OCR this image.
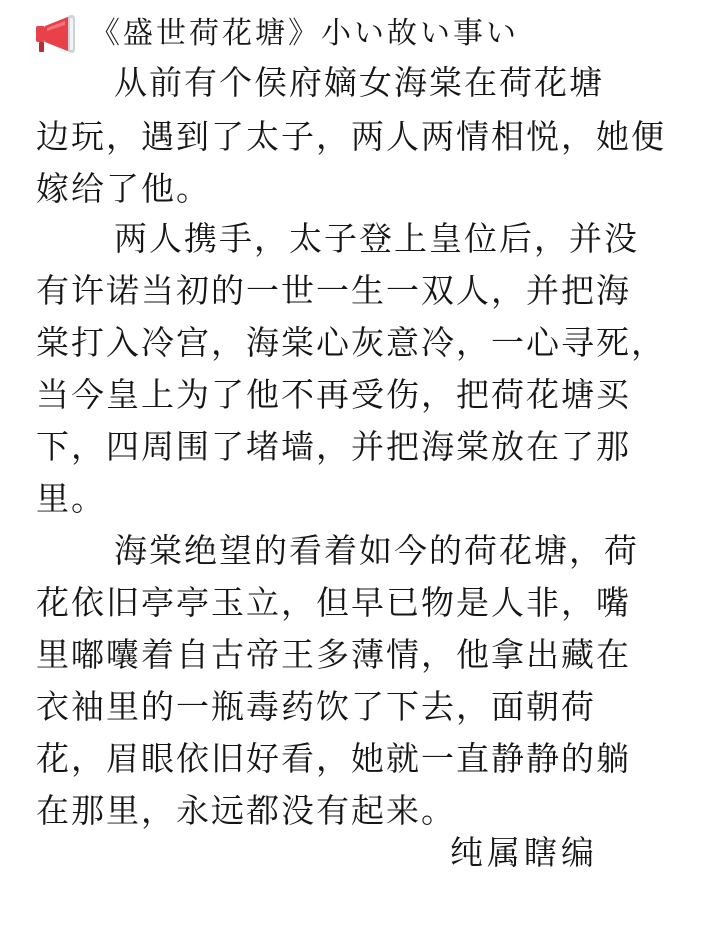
《盛世荷花塘》小い故い事い
从前有个侯府嫡女海棠在荷花塘
边玩，遇到了太子，两人两情相悦，她便
嫁给了他。
两人携手，太子登上皇位后，并没
有许诺当初的一世一生一双人，并把海
棠打入冷宫，海棠心灰意冷，一心寻死，
当今皇上为了他不再受伤，把荷花塘买
下，四周围了堵墙，并把海棠放在了那
里。
海棠绝望的看着如今的荷花塘，荷
花依旧亭亭玉立，但早已物是人非，嘴
里嘟囔着自古帝王多薄情，他拿出藏在
衣袖里的一瓶毒药饮了下去，面朝荷
花，眉眼依旧好看，她就一直静静的躺
在那里，永远都没有起来。
纯属瞎编
